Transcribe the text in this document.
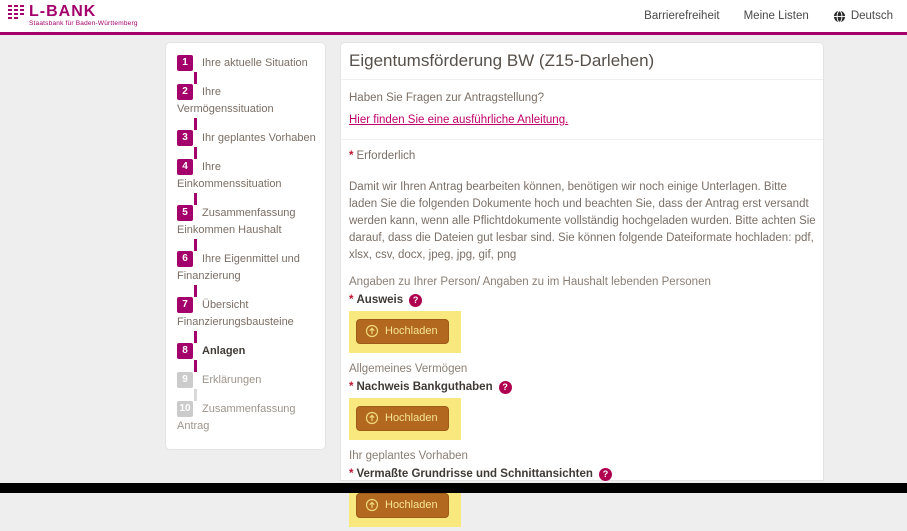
L-BANK
Staatsbank für Baden-Württemberg
Barrierefreiheit Meine Listen	Deutsch
1 Ihre aktuelle Situation
2 Ihre Vermögenssituation
3 Ihr geplantes Vorhaben
4 Ihre Einkommenssituation
5 Zusammenfassung Einkommen Haushalt
6 Ihre Eigenmittel und Finanzierung
7 Übersicht Finanzierungsbausteine
8 Anlagen
9 Erklärungen
10 Zusammenfassung Antrag
Eigentumsförderung BW (Z15-Darlehen)
Haben Sie Fragen zur Antragstellung?
Hier finden Sie eine ausführliche Anleitung.
* Erforderlich

Damit wir Ihren Antrag bearbeiten können, benötigen wir noch einige Unterlagen. Bitte laden Sie die folgenden Dokumente hoch und beachten Sie, dass der Antrag erst versandt werden kann, wenn alle Pflichtdokumente vollständig hochgeladen wurden. Bitte achten Sie darauf, dass die Dateien gut lesbar sind. Sie können folgende Dateiformate hochladen: pdf, xlsx, csv, docx, jpeg, jpg, gif, png

Angaben zu Ihrer Person/ Angaben zu im Haushalt lebenden Personen
* Ausweis	?
Hochladen
Allgemeines Vermögen
* Nachweis Bankguthaben	?
Hochladen
Ihr geplantes Vorhaben
* Vermaßte Grundrisse und Schnittansichten	?
Hochladen
